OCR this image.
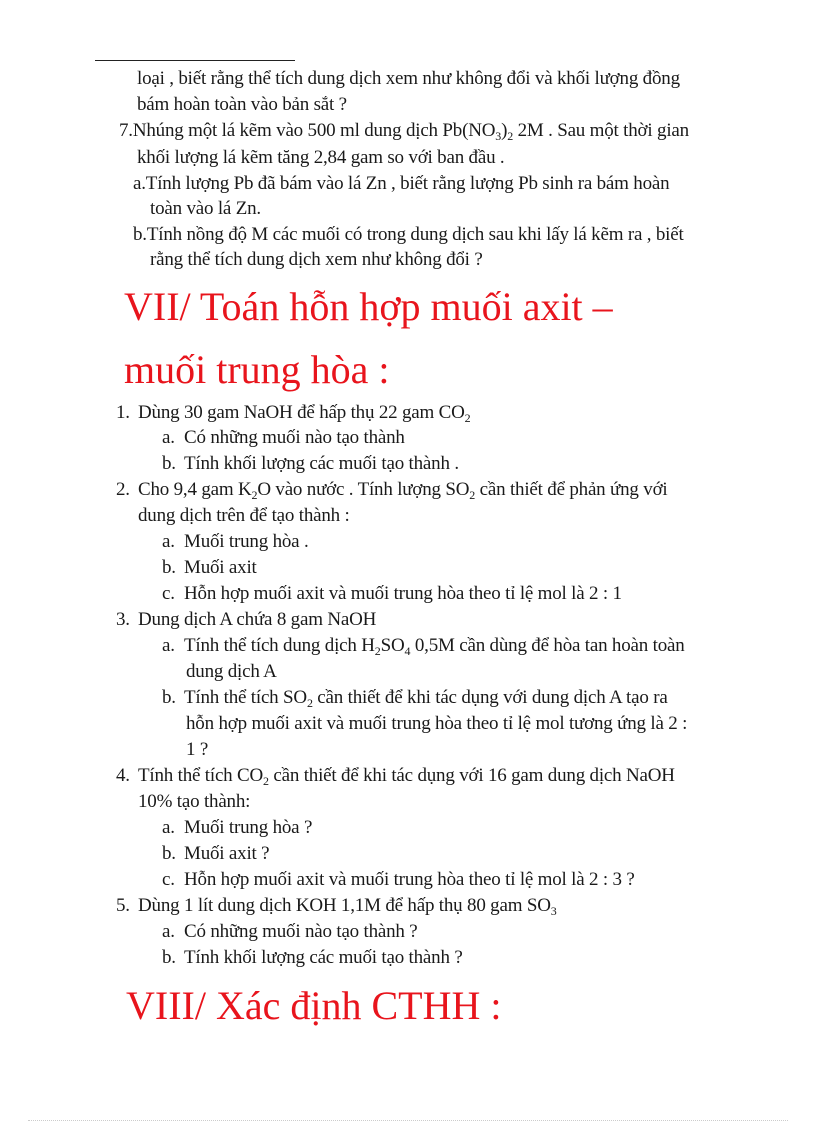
loại , biết rằng thể tích dung dịch xem như không đổi và khối lượng đồng
bám hoàn toàn vào bản sắt ?
7.Nhúng một lá kẽm vào 500 ml dung dịch $Pb(NO_3)_2$ 2M . Sau một thời gian
khối lượng lá kẽm tăng 2,84 gam so với ban đầu .
a.Tính lượng Pb đã bám vào lá Zn , biết rằng lượng Pb sinh ra bám hoàn
toàn vào lá Zn.
b.Tính nồng độ M các muối có trong dung dịch sau khi lấy lá kẽm ra , biết
rằng thể tích dung dịch xem như không đổi ?
VII/ Toán hỗn hợp muối axit –
muối trung hòa :
1. Dùng 30 gam NaOH để hấp thụ 22 gam $CO_2$
a. Có những muối nào tạo thành
b. Tính khối lượng các muối tạo thành .
2. Cho 9,4 gam $K_2O$ vào nước . Tính lượng $SO_2$ cần thiết để phản ứng với
dung dịch trên để tạo thành :
a. Muối trung hòa .
b. Muối axit
c. Hỗn hợp muối axit và muối trung hòa theo tỉ lệ mol là 2 : 1
3. Dung dịch A chứa 8 gam NaOH
a. Tính thể tích dung dịch $H_2SO_4$ 0,5M cần dùng để hòa tan hoàn toàn
dung dịch A
b. Tính thể tích $SO_2$ cần thiết để khi tác dụng với dung dịch A tạo ra
hỗn hợp muối axit và muối trung hòa theo tỉ lệ mol tương ứng là 2 :
1 ?
4. Tính thể tích $CO_2$ cần thiết để khi tác dụng với 16 gam dung dịch NaOH
10% tạo thành:
a. Muối trung hòa ?
b. Muối axit ?
c. Hỗn hợp muối axit và muối trung hòa theo tỉ lệ mol là 2 : 3 ?
5. Dùng 1 lít dung dịch KOH 1,1M để hấp thụ 80 gam $SO_3$
a. Có những muối nào tạo thành ?
b. Tính khối lượng các muối tạo thành ?
VIII/ Xác định CTHH :
